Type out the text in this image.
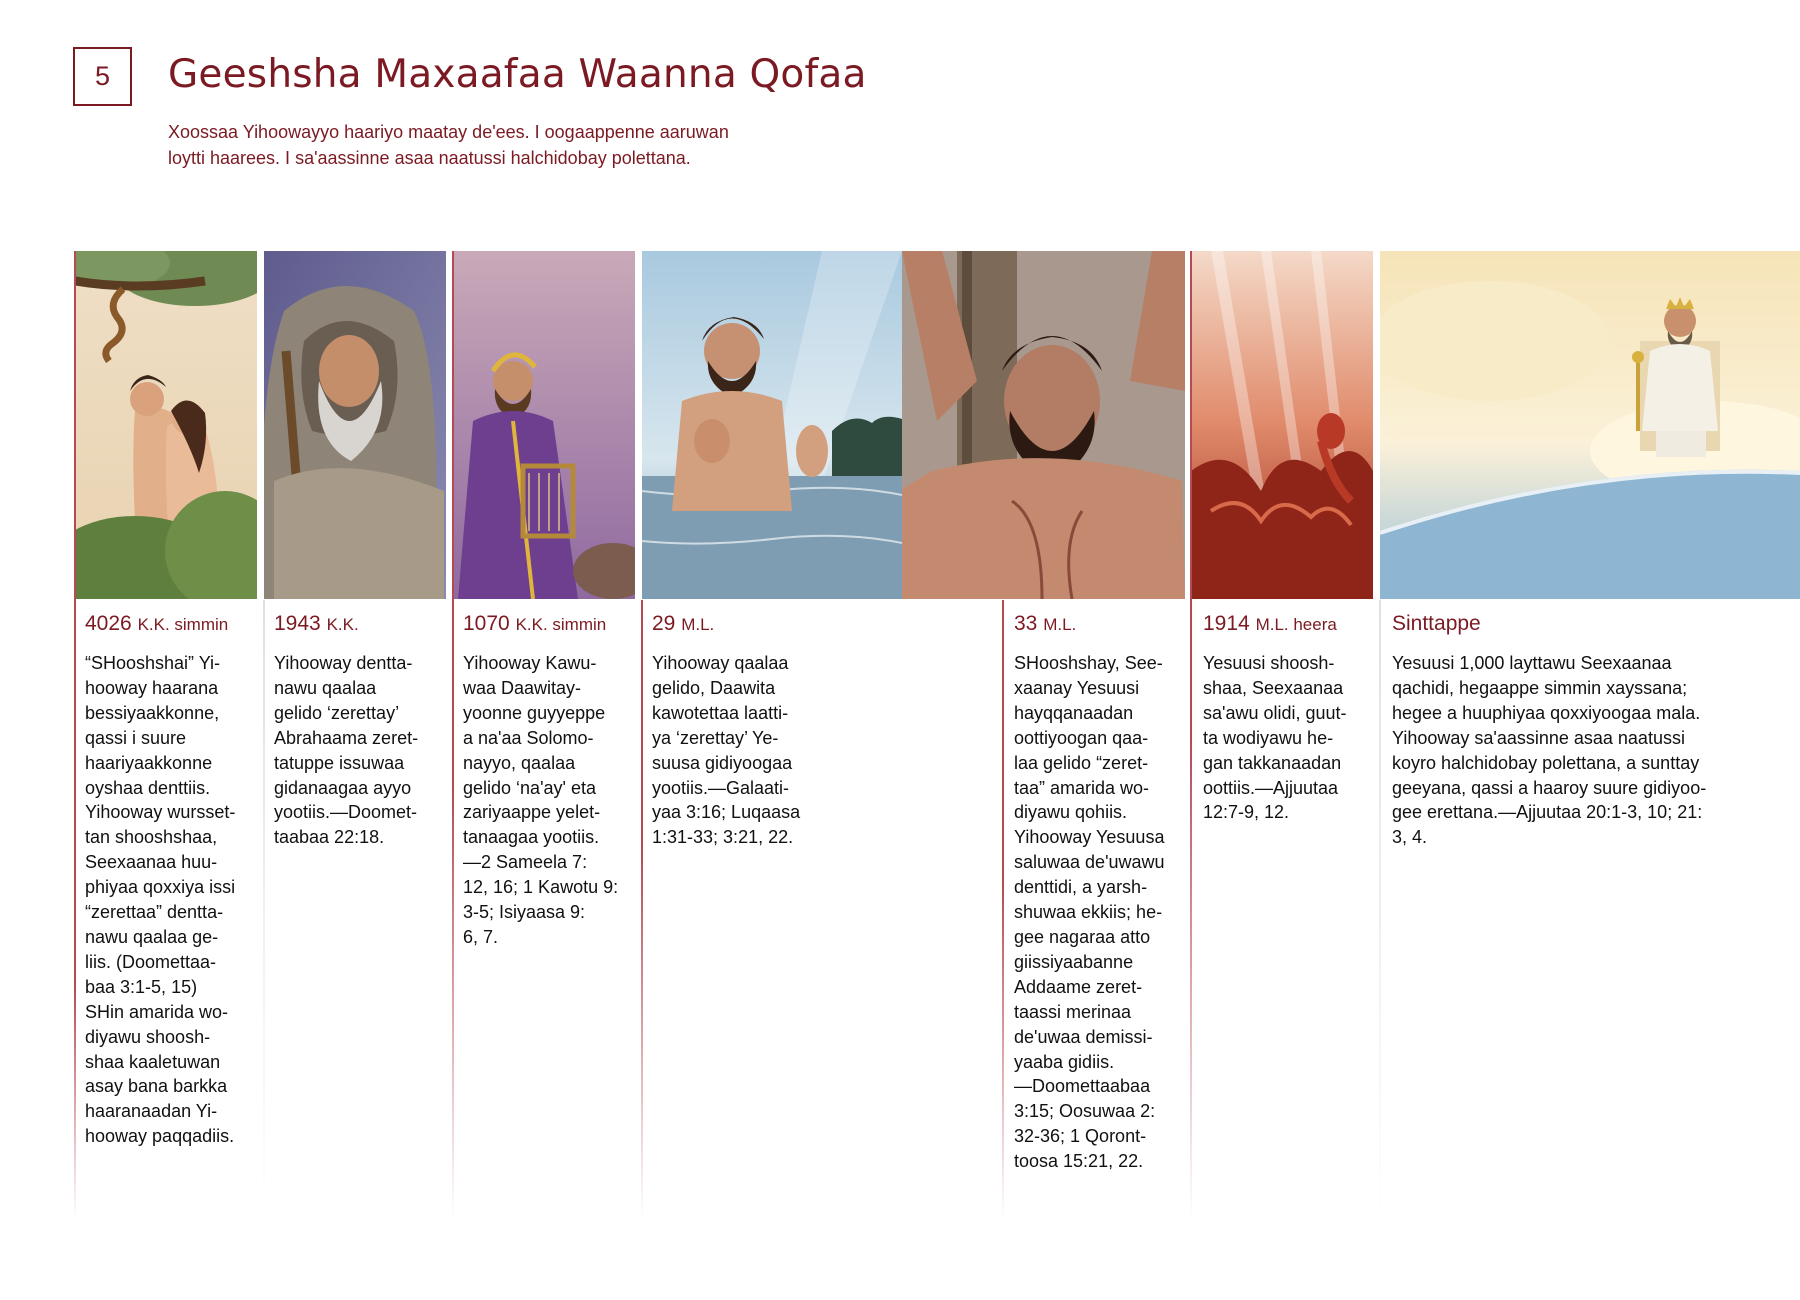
5 Geeshsha Maxaafaa Waanna Qofaa

Xoossaa Yihoowayyo haariyo maatay de'ees. I oogaappenne aaruwan
loytti haarees. I sa'aassinne asaa naatussi halchidobay polettana.

4026 K.K. simmin
“SHooshshai” Yi-
hooway haarana
bessiyaakkonne,
qassi i suure
haariyaakkonne
oyshaa denttiis.
Yihooway wursset-
tan shooshshaa,
Seexaanaa huu-
phiyaa qoxxiya issi
“zerettaa” dentta-
nawu qaalaa ge-
liis. (Doomettaa-
baa 3:1-5, 15)
SHin amarida wo-
diyawu shoosh-
shaa kaaletuwan
asay bana barkka
haaranaadan Yi-
hooway paqqadiis.
1943 K.K.
Yihooway dentta-
nawu qaalaa
gelido ‘zerettay’
Abrahaama zeret-
tatuppe issuwaa
gidanaagaa ayyo
yootiis.—Doomet-
taabaa 22:18.
1070 K.K. simmin
Yihooway Kawu-
waa Daawitay-
yoonne guyyeppe
a na'aa Solomo-
nayyo, qaalaa
gelido ‘na'ay' eta
zariyaappe yelet-
tanaagaa yootiis.
—2 Sameela 7:
12, 16; 1 Kawotu 9:
3-5; Isiyaasa 9:
6, 7.
29 M.L.
Yihooway qaalaa
gelido, Daawita
kawotettaa laatti-
ya ‘zerettay’ Ye-
suusa gidiyoogaa
yootiis.—Galaati-
yaa 3:16; Luqaasa
1:31-33; 3:21, 22.
33 M.L.
SHooshshay, See-
xaanay Yesuusi
hayqqanaadan
oottiyoogan qaa-
laa gelido “zeret-
taa” amarida wo-
diyawu qohiis.
Yihooway Yesuusa
saluwaa de'uwawu
denttidi, a yarsh-
shuwaa ekkiis; he-
gee nagaraa atto
giissiyaabanne
Addaame zeret-
taassi merinaa
de'uwaa demissi-
yaaba gidiis.
—Doomettaabaa
3:15; Oosuwaa 2:
32-36; 1 Qoront-
toosa 15:21, 22.
1914 M.L. heera
Yesuusi shoosh-
shaa, Seexaanaa
sa'awu olidi, guut-
ta wodiyawu he-
gan takkanaadan
oottiis.—Ajjuutaa
12:7-9, 12.
Sinttappe
Yesuusi 1,000 layttawu Seexaanaa
qachidi, hegaappe simmin xayssana;
hegee a huuphiyaa qoxxiyoogaa mala.
Yihooway sa'aassinne asaa naatussi
koyro halchidobay polettana, a sunttay
geeyana, qassi a haaroy suure gidiyoo-
gee erettana.—Ajjuutaa 20:1-3, 10; 21:
3, 4.
